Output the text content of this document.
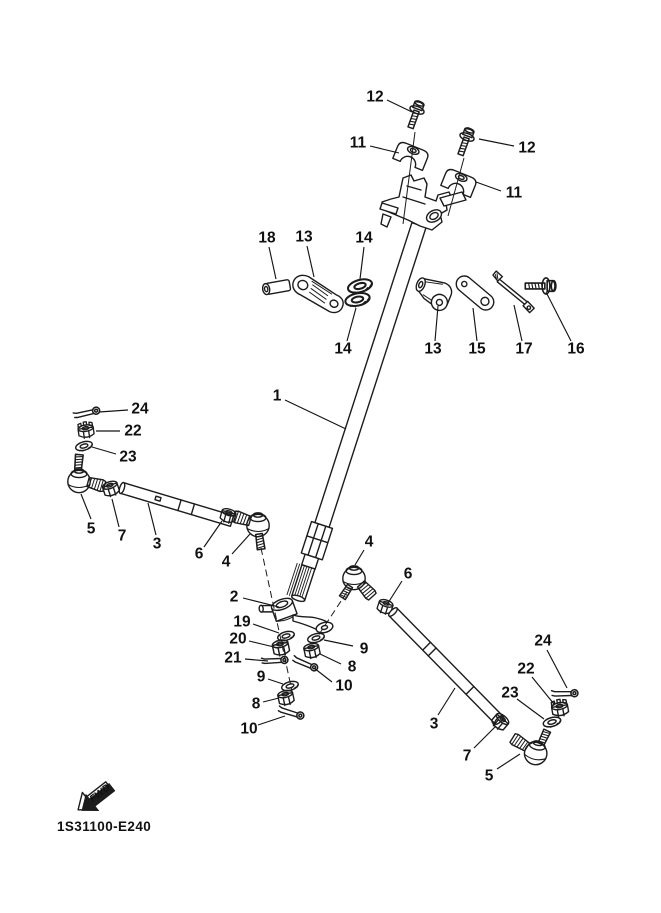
FWD
1S31100-E240
12
11	12
11
18 13	14
14	13 15 17 16
1
24
22
23
5 7 3
6 4
4
6
2
19
20
21
9
8
10
9
8
10
3
7
5
24
22
23
